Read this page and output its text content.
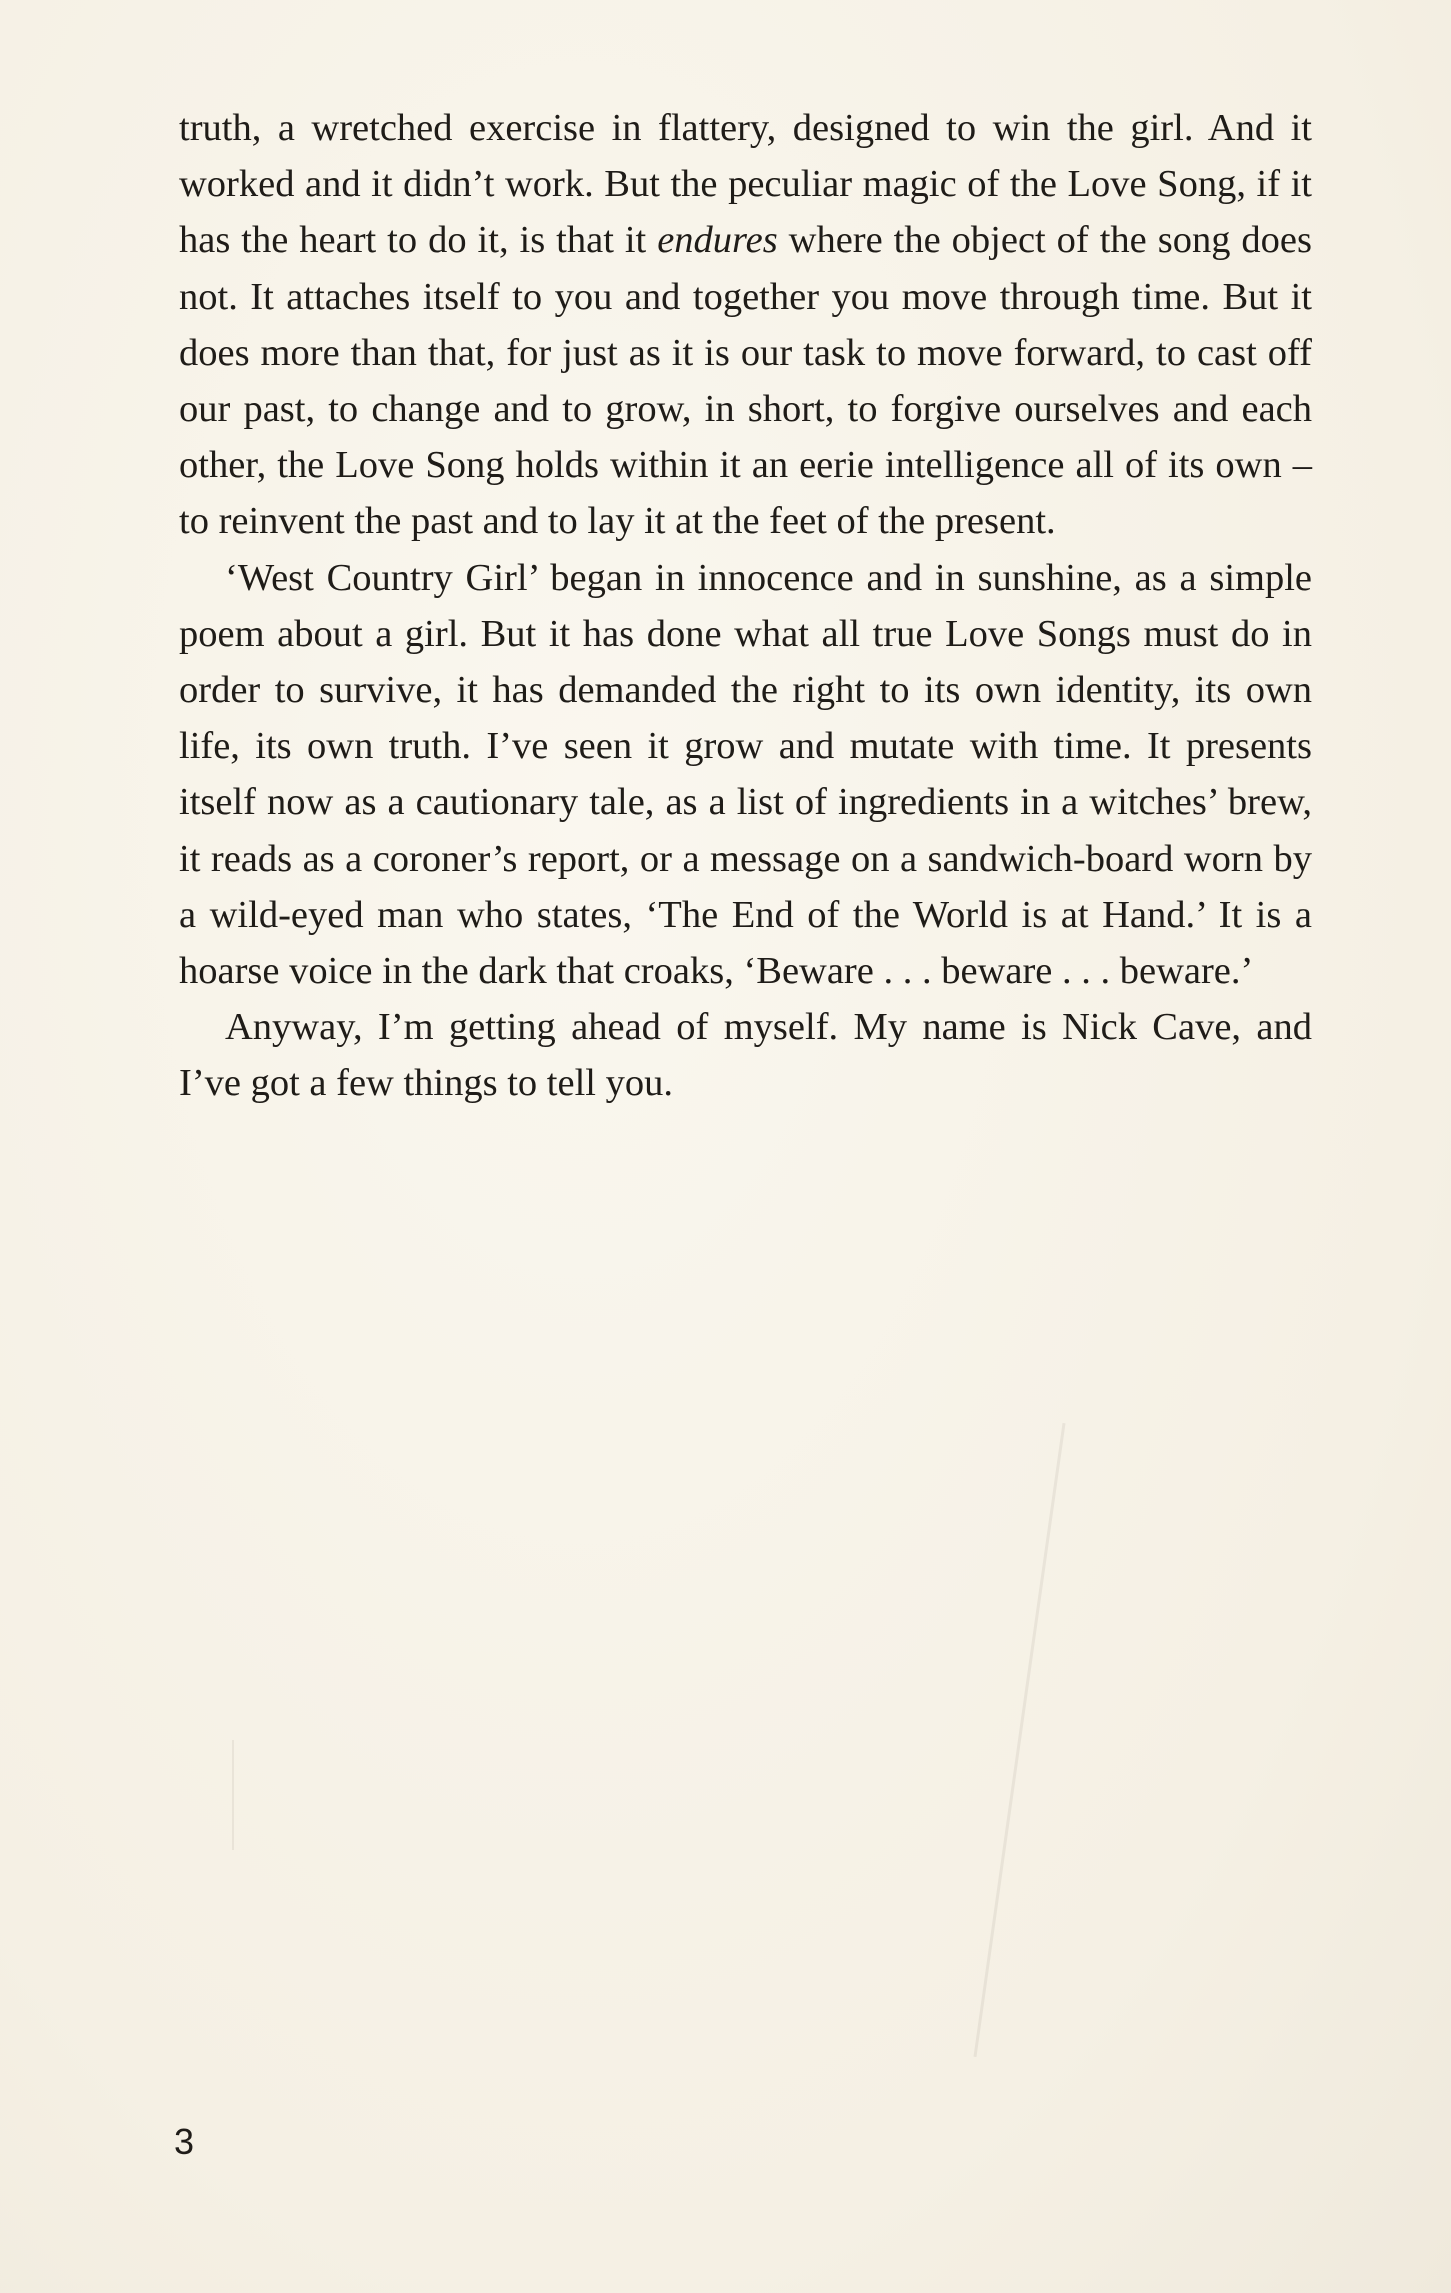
truth, a wretched exercise in flattery, designed to win the girl. And it worked and it didn’t work. But the peculiar magic of the Love Song, if it has the heart to do it, is that it endures where the object of the song does not. It attaches itself to you and together you move through time. But it does more than that, for just as it is our task to move forward, to cast off our past, to change and to grow, in short, to forgive ourselves and each other, the Love Song holds within it an eerie intelligence all of its own – to reinvent the past and to lay it at the feet of the present.

‘West Country Girl’ began in innocence and in sunshine, as a simple poem about a girl. But it has done what all true Love Songs must do in order to survive, it has demanded the right to its own identity, its own life, its own truth. I’ve seen it grow and mutate with time. It presents itself now as a cautionary tale, as a list of ingredients in a witches’ brew, it reads as a coroner’s report, or a message on a sandwich-board worn by a wild-eyed man who states, ‘The End of the World is at Hand.’ It is a hoarse voice in the dark that croaks, ‘Beware . . . beware . . . beware.’

Anyway, I’m getting ahead of myself. My name is Nick Cave, and I’ve got a few things to tell you.

3
